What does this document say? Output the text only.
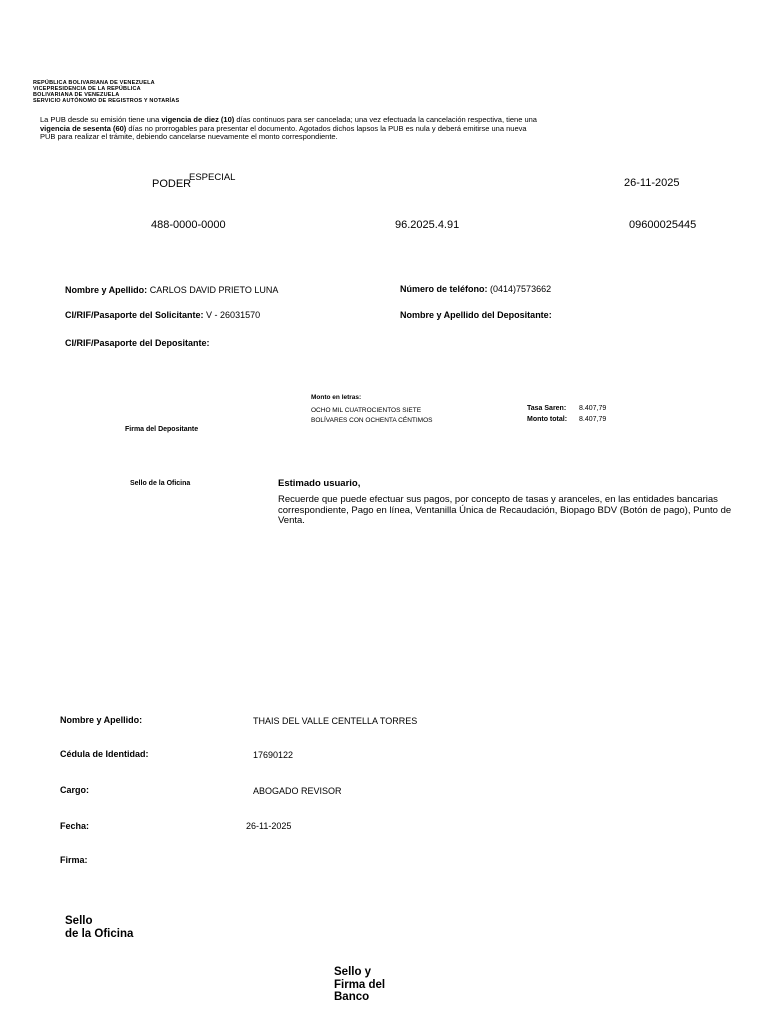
REPÚBLICA BOLIVARIANA DE VENEZUELA
VICEPRESIDENCIA DE LA REPÚBLICA
BOLIVARIANA DE VENEZUELA
SERVICIO AUTÓNOMO DE REGISTROS Y NOTARÍAS
La PUB desde su emisión tiene una vigencia de diez (10) días continuos para ser cancelada; una vez efectuada la cancelación respectiva, tiene una vigencia de sesenta (60) días no prorrogables para presentar el documento. Agotados dichos lapsos la PUB es nula y deberá emitirse una nueva PUB para realizar el trámite, debiendo cancelarse nuevamente el monto correspondiente.
PODER
ESPECIAL	26-11-2025
488-0000-0000	96.2025.4.91	09600025445
Nombre y Apellido: CARLOS DAVID PRIETO LUNA	Número de teléfono: (0414)7573662
CI/RIF/Pasaporte del Solicitante: V - 26031570	Nombre y Apellido del Depositante:
CI/RIF/Pasaporte del Depositante:
Monto en letras:
OCHO MIL CUATROCIENTOS SIETE
BOLÍVARES CON OCHENTA CÉNTIMOS
Tasa Saren: 8.407,79
Monto total: 8.407,79
Firma del Depositante
Sello de la Oficina	Estimado usuario,
Recuerde que puede efectuar sus pagos, por concepto de tasas y aranceles, en las entidades bancarias correspondiente, Pago en línea, Ventanilla Única de Recaudación, Biopago BDV (Botón de pago), Punto de Venta.
Nombre y Apellido:	THAIS DEL VALLE CENTELLA TORRES
Cédula de Identidad:	17690122
Cargo:	ABOGADO REVISOR
Fecha:	26-11-2025
Firma:
Sello
de la Oficina
Sello y
Firma del
Banco
